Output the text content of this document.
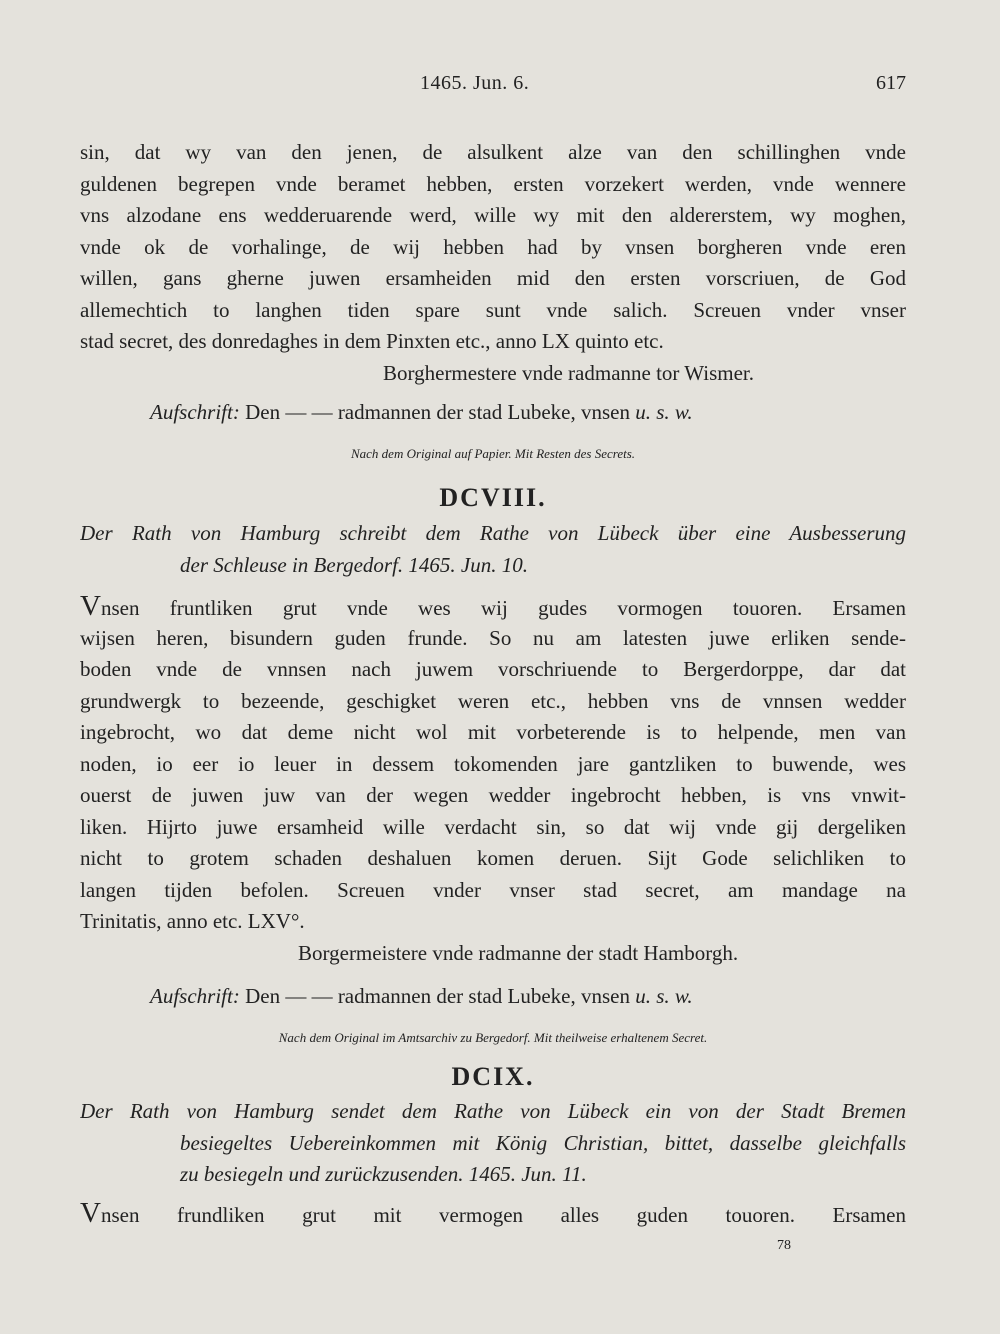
1465. Jun. 6.	617
sin, dat wy van den jenen, de alsulkent alze van den schillinghen vnde
guldenen begrepen vnde beramet hebben, ersten vorzekert werden, vnde wennere
vns alzodane ens wedderuarende werd, wille wy mit den aldererstem, wy moghen,
vnde ok de vorhalinge, de wij hebben had by vnsen borgheren vnde eren
willen, gans gherne juwen ersamheiden mid den ersten vorscriuen, de God
allemechtich to langhen tiden spare sunt vnde salich. Screuen vnder vnser
stad secret, des donredaghes in dem Pinxten etc., anno LX quinto etc.
Borghermestere vnde radmanne tor Wismer.
Aufschrift: Den — — radmannen der stad Lubeke, vnsen u. s. w.
Nach dem Original auf Papier. Mit Resten des Secrets.
DCVIII.
Der Rath von Hamburg schreibt dem Rathe von Lübeck über eine Ausbesserung
der Schleuse in Bergedorf. 1465. Jun. 10.
Vnsen fruntliken grut vnde wes wij gudes vormogen touoren. Ersamen
wijsen heren, bisundern guden frunde. So nu am latesten juwe erliken sende-
boden vnde de vnnsen nach juwem vorschriuende to Bergerdorppe, dar dat
grundwergk to bezeende, geschigket weren etc., hebben vns de vnnsen wedder
ingebrocht, wo dat deme nicht wol mit vorbeterende is to helpende, men van
noden, io eer io leuer in dessem tokomenden jare gantzliken to buwende, wes
ouerst de juwen juw van der wegen wedder ingebrocht hebben, is vns vnwit-
liken. Hijrto juwe ersamheid wille verdacht sin, so dat wij vnde gij dergeliken
nicht to grotem schaden deshaluen komen deruen. Sijt Gode selichliken to
langen tijden befolen. Screuen vnder vnser stad secret, am mandage na
Trinitatis, anno etc. LXV°.
Borgermeistere vnde radmanne der stadt Hamborgh.
Aufschrift: Den — — radmannen der stad Lubeke, vnsen u. s. w.
Nach dem Original im Amtsarchiv zu Bergedorf. Mit theilweise erhaltenem Secret.
DCIX.
Der Rath von Hamburg sendet dem Rathe von Lübeck ein von der Stadt Bremen
besiegeltes Uebereinkommen mit König Christian, bittet, dasselbe gleichfalls
zu besiegeln und zurückzusenden. 1465. Jun. 11.
Vnsen frundliken grut mit vermogen alles guden touoren. Ersamen
78
